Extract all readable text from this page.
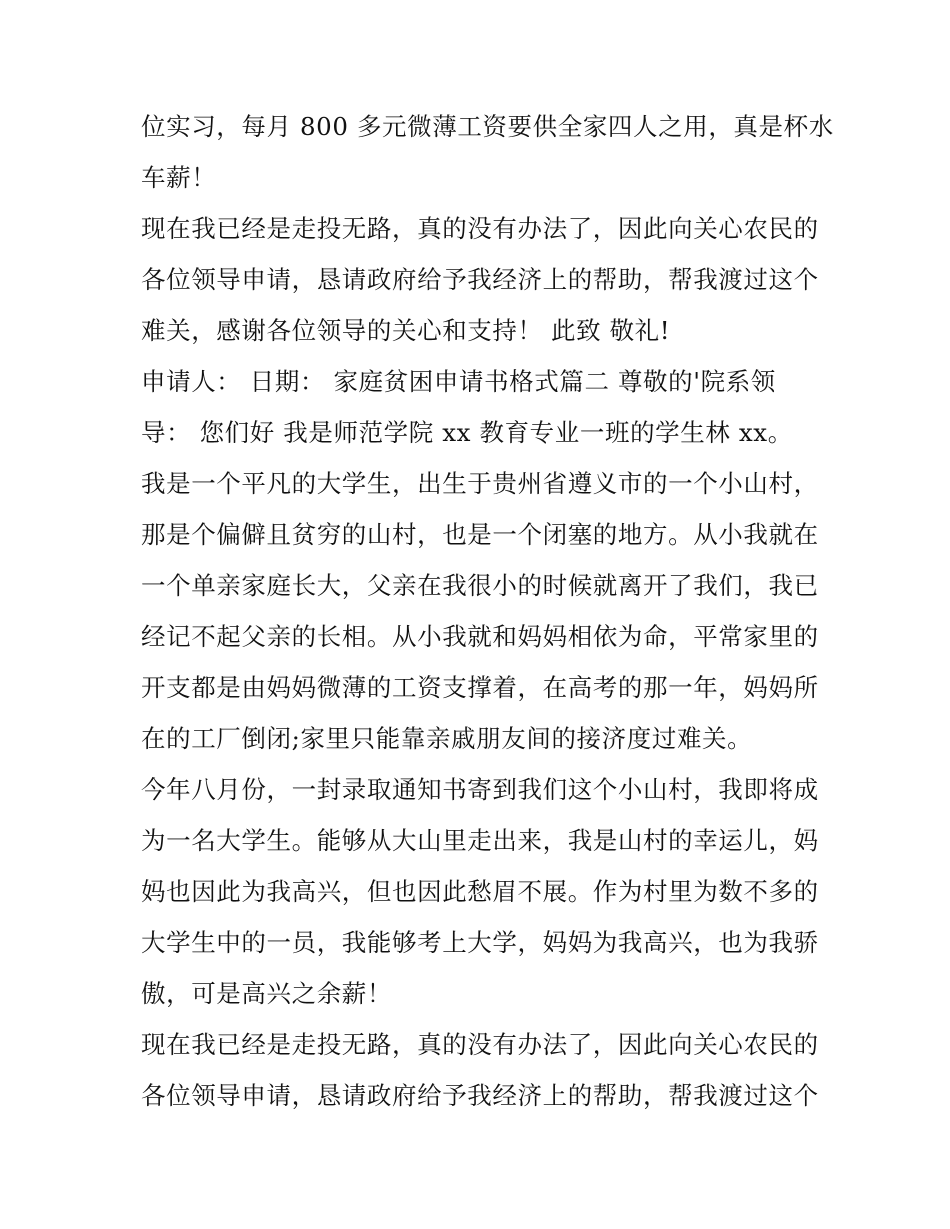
位实习，每月 800 多元微薄工资要供全家四人之用，真是杯水
车薪！
现在我已经是走投无路，真的没有办法了，因此向关心农民的
各位领导申请，恳请政府给予我经济上的帮助，帮我渡过这个
难关，感谢各位领导的关心和支持！ 此致 敬礼!
申请人： 日期： 家庭贫困申请书格式篇二 尊敬的'院系领
导： 您们好 我是师范学院 xx 教育专业一班的学生林 xx。
我是一个平凡的大学生，出生于贵州省遵义市的一个小山村，
那是个偏僻且贫穷的山村，也是一个闭塞的地方。从小我就在
一个单亲家庭长大，父亲在我很小的时候就离开了我们，我已
经记不起父亲的长相。从小我就和妈妈相依为命，平常家里的
开支都是由妈妈微薄的工资支撑着，在高考的那一年，妈妈所
在的工厂倒闭;家里只能靠亲戚朋友间的接济度过难关。
今年八月份，一封录取通知书寄到我们这个小山村，我即将成
为一名大学生。能够从大山里走出来，我是山村的幸运儿，妈
妈也因此为我高兴，但也因此愁眉不展。作为村里为数不多的
大学生中的一员，我能够考上大学，妈妈为我高兴，也为我骄
傲，可是高兴之余薪！
现在我已经是走投无路，真的没有办法了，因此向关心农民的
各位领导申请，恳请政府给予我经济上的帮助，帮我渡过这个
